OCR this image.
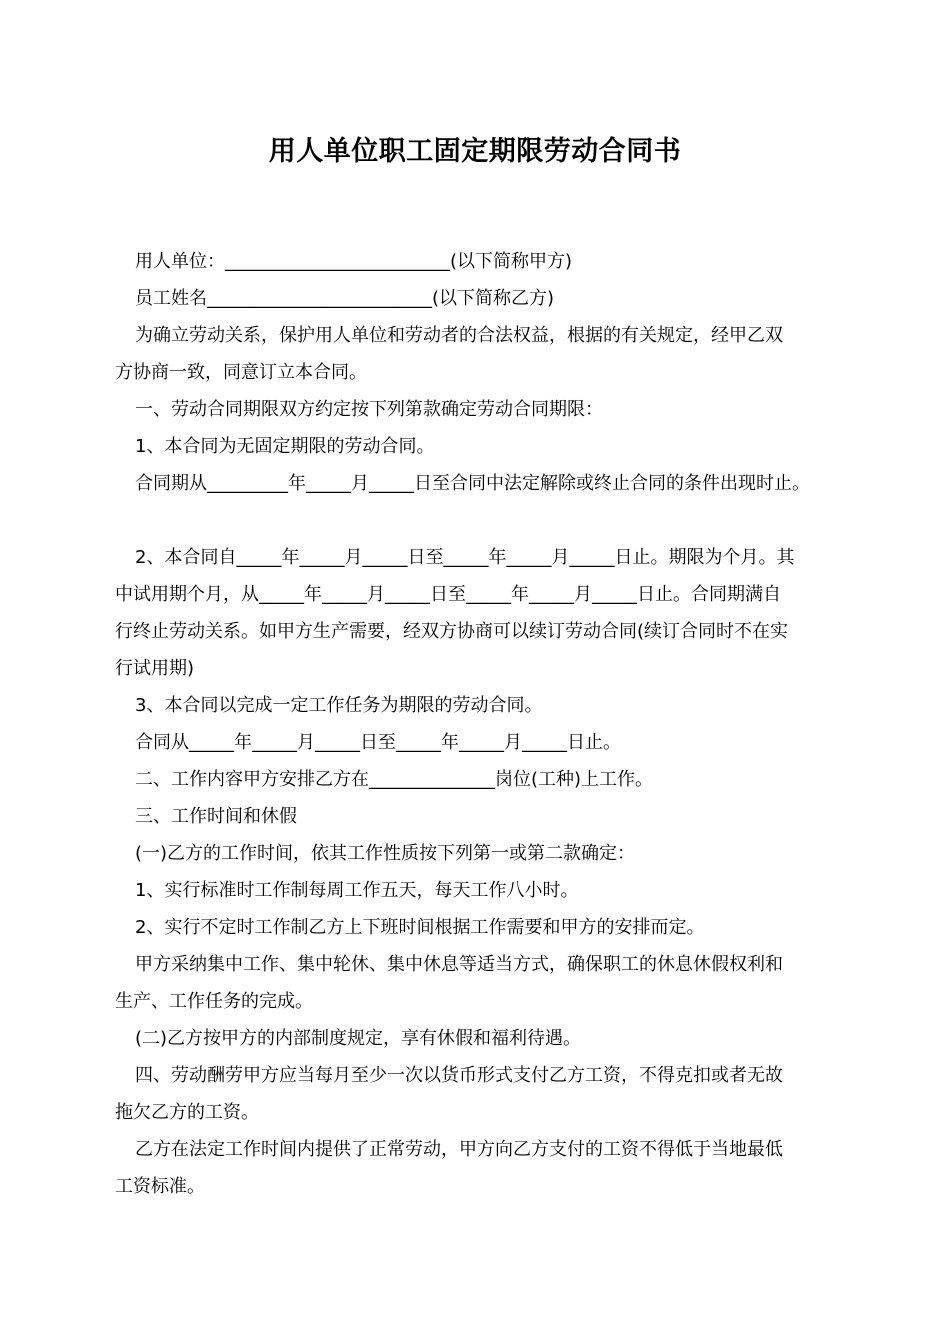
用人单位职工固定期限劳动合同书

用人单位：_________________________(以下简称甲方)

员工姓名_________________________(以下简称乙方)

为确立劳动关系，保护用人单位和劳动者的合法权益，根据的有关规定，经甲乙双

方协商一致，同意订立本合同。

一、劳动合同期限双方约定按下列第款确定劳动合同期限：

1、本合同为无固定期限的劳动合同。

合同期从_________年_____月_____日至合同中法定解除或终止合同的条件出现时止。

2、本合同自_____年_____月_____日至_____年_____月_____日止。期限为个月。其

中试用期个月，从_____年_____月_____日至_____年_____月_____日止。合同期满自

行终止劳动关系。如甲方生产需要，经双方协商可以续订劳动合同(续订合同时不在实

行试用期)

3、本合同以完成一定工作任务为期限的劳动合同。

合同从_____年_____月_____日至_____年_____月_____日止。

二、工作内容甲方安排乙方在______________岗位(工种)上工作。

三、工作时间和休假

(一)乙方的工作时间，依其工作性质按下列第一或第二款确定：

1、实行标准时工作制每周工作五天，每天工作八小时。

2、实行不定时工作制乙方上下班时间根据工作需要和甲方的安排而定。

甲方采纳集中工作、集中轮休、集中休息等适当方式，确保职工的休息休假权利和

生产、工作任务的完成。

(二)乙方按甲方的内部制度规定，享有休假和福利待遇。

四、劳动酬劳甲方应当每月至少一次以货币形式支付乙方工资，不得克扣或者无故

拖欠乙方的工资。

乙方在法定工作时间内提供了正常劳动，甲方向乙方支付的工资不得低于当地最低

工资标准。
